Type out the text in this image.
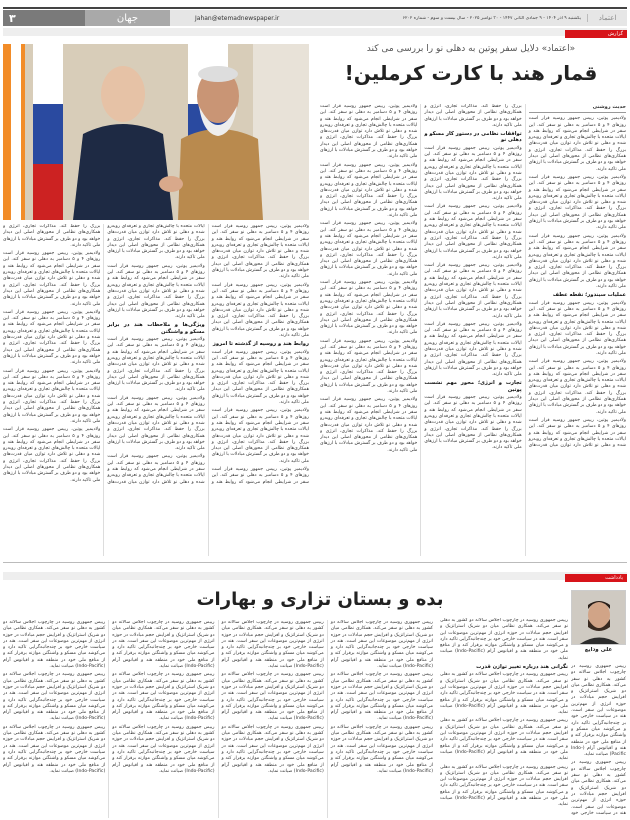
۳	جهان	Jahan@etemadnewspaper.ir	یکشنبه ۹ آذر ۱۴۰۴ - ۹ جمادی الثانی ۱۴۴۷ - ۳۰ نوامبر ۲۰۲۵ - سال بیست و سوم - شماره ۶۲۰۲	اعتماد
گزارش
«اعتماد» دلایل سفر پوتین به دهلی نو را بررسی می کند
قمار هند با کارت کرملین!
حدیث روشنی

ولادیمیر پوتین، رییس جمهور روسیه قرار است روزهای ۴ و ۵ دسامبر به دهلی نو سفر کند. این سفر در شرایطی انجام می‌شود که روابط هند و ایالات متحده با چالش‌های تجاری و تعرفه‌ای روبه‌رو شده و دهلی نو تلاش دارد توازن میان قدرت‌های بزرگ را حفظ کند. مذاکرات تجاری، انرژی و همکاری‌های نظامی از محورهای اصلی این دیدار خواهد بود و دو طرف بر گسترش مبادلات با ارزهای ملی تاکید دارند.

ولادیمیر پوتین، رییس جمهور روسیه قرار است روزهای ۴ و ۵ دسامبر به دهلی نو سفر کند. این سفر در شرایطی انجام می‌شود که روابط هند و ایالات متحده با چالش‌های تجاری و تعرفه‌ای روبه‌رو شده و دهلی نو تلاش دارد توازن میان قدرت‌های بزرگ را حفظ کند. مذاکرات تجاری، انرژی و همکاری‌های نظامی از محورهای اصلی این دیدار خواهد بود و دو طرف بر گسترش مبادلات با ارزهای ملی تاکید دارند.

ولادیمیر پوتین، رییس جمهور روسیه قرار است روزهای ۴ و ۵ دسامبر به دهلی نو سفر کند. این سفر در شرایطی انجام می‌شود که روابط هند و ایالات متحده با چالش‌های تجاری و تعرفه‌ای روبه‌رو شده و دهلی نو تلاش دارد توازن میان قدرت‌های بزرگ را حفظ کند. مذاکرات تجاری، انرژی و همکاری‌های نظامی از محورهای اصلی این دیدار خواهد بود و دو طرف بر گسترش مبادلات با ارزهای ملی تاکید دارند.

عملیات سیندور؛ نقطه عطف

ولادیمیر پوتین، رییس جمهور روسیه قرار است روزهای ۴ و ۵ دسامبر به دهلی نو سفر کند. این سفر در شرایطی انجام می‌شود که روابط هند و ایالات متحده با چالش‌های تجاری و تعرفه‌ای روبه‌رو شده و دهلی نو تلاش دارد توازن میان قدرت‌های بزرگ را حفظ کند. مذاکرات تجاری، انرژی و همکاری‌های نظامی از محورهای اصلی این دیدار خواهد بود و دو طرف بر گسترش مبادلات با ارزهای ملی تاکید دارند.

ولادیمیر پوتین، رییس جمهور روسیه قرار است روزهای ۴ و ۵ دسامبر به دهلی نو سفر کند. این سفر در شرایطی انجام می‌شود که روابط هند و ایالات متحده با چالش‌های تجاری و تعرفه‌ای روبه‌رو شده و دهلی نو تلاش دارد توازن میان قدرت‌های بزرگ را حفظ کند. مذاکرات تجاری، انرژی و همکاری‌های نظامی از محورهای اصلی این دیدار خواهد بود و دو طرف بر گسترش مبادلات با ارزهای ملی تاکید دارند.

ولادیمیر پوتین، رییس جمهور روسیه قرار است روزهای ۴ و ۵ دسامبر به دهلی نو سفر کند. این سفر در شرایطی انجام می‌شود که روابط هند و ایالات متحده با چالش‌های تجاری و تعرفه‌ای روبه‌رو شده و دهلی نو تلاش دارد توازن میان قدرت‌های بزرگ را حفظ کند. مذاکرات تجاری، انرژی و همکاری‌های نظامی از محورهای اصلی این دیدار خواهد بود و دو طرف بر گسترش مبادلات با ارزهای ملی تاکید دارند.

توافقات نظامی در دستور کار مسکو و دهلی نو

ولادیمیر پوتین، رییس جمهور روسیه قرار است روزهای ۴ و ۵ دسامبر به دهلی نو سفر کند. این سفر در شرایطی انجام می‌شود که روابط هند و ایالات متحده با چالش‌های تجاری و تعرفه‌ای روبه‌رو شده و دهلی نو تلاش دارد توازن میان قدرت‌های بزرگ را حفظ کند. مذاکرات تجاری، انرژی و همکاری‌های نظامی از محورهای اصلی این دیدار خواهد بود و دو طرف بر گسترش مبادلات با ارزهای ملی تاکید دارند.

ولادیمیر پوتین، رییس جمهور روسیه قرار است روزهای ۴ و ۵ دسامبر به دهلی نو سفر کند. این سفر در شرایطی انجام می‌شود که روابط هند و ایالات متحده با چالش‌های تجاری و تعرفه‌ای روبه‌رو شده و دهلی نو تلاش دارد توازن میان قدرت‌های بزرگ را حفظ کند. مذاکرات تجاری، انرژی و همکاری‌های نظامی از محورهای اصلی این دیدار خواهد بود و دو طرف بر گسترش مبادلات با ارزهای ملی تاکید دارند.

ولادیمیر پوتین، رییس جمهور روسیه قرار است روزهای ۴ و ۵ دسامبر به دهلی نو سفر کند. این سفر در شرایطی انجام می‌شود که روابط هند و ایالات متحده با چالش‌های تجاری و تعرفه‌ای روبه‌رو شده و دهلی نو تلاش دارد توازن میان قدرت‌های بزرگ را حفظ کند. مذاکرات تجاری، انرژی و همکاری‌های نظامی از محورهای اصلی این دیدار خواهد بود و دو طرف بر گسترش مبادلات با ارزهای ملی تاکید دارند.

ولادیمیر پوتین، رییس جمهور روسیه قرار است روزهای ۴ و ۵ دسامبر به دهلی نو سفر کند. این سفر در شرایطی انجام می‌شود که روابط هند و ایالات متحده با چالش‌های تجاری و تعرفه‌ای روبه‌رو شده و دهلی نو تلاش دارد توازن میان قدرت‌های بزرگ را حفظ کند. مذاکرات تجاری، انرژی و همکاری‌های نظامی از محورهای اصلی این دیدار خواهد بود و دو طرف بر گسترش مبادلات با ارزهای ملی تاکید دارند.

تجارت و انرژی؛ محور مهم نشست پوتین

ولادیمیر پوتین، رییس جمهور روسیه قرار است روزهای ۴ و ۵ دسامبر به دهلی نو سفر کند. این سفر در شرایطی انجام می‌شود که روابط هند و ایالات متحده با چالش‌های تجاری و تعرفه‌ای روبه‌رو شده و دهلی نو تلاش دارد توازن میان قدرت‌های بزرگ را حفظ کند. مذاکرات تجاری، انرژی و همکاری‌های نظامی از محورهای اصلی این دیدار خواهد بود و دو طرف بر گسترش مبادلات با ارزهای ملی تاکید دارند.

ولادیمیر پوتین، رییس جمهور روسیه قرار است روزهای ۴ و ۵ دسامبر به دهلی نو سفر کند. این سفر در شرایطی انجام می‌شود که روابط هند و ایالات متحده با چالش‌های تجاری و تعرفه‌ای روبه‌رو شده و دهلی نو تلاش دارد توازن میان قدرت‌های بزرگ را حفظ کند. مذاکرات تجاری، انرژی و همکاری‌های نظامی از محورهای اصلی این دیدار خواهد بود و دو طرف بر گسترش مبادلات با ارزهای ملی تاکید دارند.

ولادیمیر پوتین، رییس جمهور روسیه قرار است روزهای ۴ و ۵ دسامبر به دهلی نو سفر کند. این سفر در شرایطی انجام می‌شود که روابط هند و ایالات متحده با چالش‌های تجاری و تعرفه‌ای روبه‌رو شده و دهلی نو تلاش دارد توازن میان قدرت‌های بزرگ را حفظ کند. مذاکرات تجاری، انرژی و همکاری‌های نظامی از محورهای اصلی این دیدار خواهد بود و دو طرف بر گسترش مبادلات با ارزهای ملی تاکید دارند.

ولادیمیر پوتین، رییس جمهور روسیه قرار است روزهای ۴ و ۵ دسامبر به دهلی نو سفر کند. این سفر در شرایطی انجام می‌شود که روابط هند و ایالات متحده با چالش‌های تجاری و تعرفه‌ای روبه‌رو شده و دهلی نو تلاش دارد توازن میان قدرت‌های بزرگ را حفظ کند. مذاکرات تجاری، انرژی و همکاری‌های نظامی از محورهای اصلی این دیدار خواهد بود و دو طرف بر گسترش مبادلات با ارزهای ملی تاکید دارند.

ولادیمیر پوتین، رییس جمهور روسیه قرار است روزهای ۴ و ۵ دسامبر به دهلی نو سفر کند. این سفر در شرایطی انجام می‌شود که روابط هند و ایالات متحده با چالش‌های تجاری و تعرفه‌ای روبه‌رو شده و دهلی نو تلاش دارد توازن میان قدرت‌های بزرگ را حفظ کند. مذاکرات تجاری، انرژی و همکاری‌های نظامی از محورهای اصلی این دیدار خواهد بود و دو طرف بر گسترش مبادلات با ارزهای ملی تاکید دارند.

ولادیمیر پوتین، رییس جمهور روسیه قرار است روزهای ۴ و ۵ دسامبر به دهلی نو سفر کند. این سفر در شرایطی انجام می‌شود که روابط هند و ایالات متحده با چالش‌های تجاری و تعرفه‌ای روبه‌رو شده و دهلی نو تلاش دارد توازن میان قدرت‌های بزرگ را حفظ کند. مذاکرات تجاری، انرژی و همکاری‌های نظامی از محورهای اصلی این دیدار خواهد بود و دو طرف بر گسترش مبادلات با ارزهای ملی تاکید دارند.

ولادیمیر پوتین، رییس جمهور روسیه قرار است روزهای ۴ و ۵ دسامبر به دهلی نو سفر کند. این سفر در شرایطی انجام می‌شود که روابط هند و ایالات متحده با چالش‌های تجاری و تعرفه‌ای روبه‌رو شده و دهلی نو تلاش دارد توازن میان قدرت‌های بزرگ را حفظ کند. مذاکرات تجاری، انرژی و همکاری‌های نظامی از محورهای اصلی این دیدار خواهد بود و دو طرف بر گسترش مبادلات با ارزهای ملی تاکید دارند.

ولادیمیر پوتین، رییس جمهور روسیه قرار است روزهای ۴ و ۵ دسامبر به دهلی نو سفر کند. این سفر در شرایطی انجام می‌شود که روابط هند و ایالات متحده با چالش‌های تجاری و تعرفه‌ای روبه‌رو شده و دهلی نو تلاش دارد توازن میان قدرت‌های بزرگ را حفظ کند. مذاکرات تجاری، انرژی و همکاری‌های نظامی از محورهای اصلی این دیدار خواهد بود و دو طرف بر گسترش مبادلات با ارزهای ملی تاکید دارند.

ولادیمیر پوتین، رییس جمهور روسیه قرار است روزهای ۴ و ۵ دسامبر به دهلی نو سفر کند. این سفر در شرایطی انجام می‌شود که روابط هند و ایالات متحده با چالش‌های تجاری و تعرفه‌ای روبه‌رو شده و دهلی نو تلاش دارد توازن میان قدرت‌های بزرگ را حفظ کند. مذاکرات تجاری، انرژی و همکاری‌های نظامی از محورهای اصلی این دیدار خواهد بود و دو طرف بر گسترش مبادلات با ارزهای ملی تاکید دارند.

روابط هند و روسیه از گذشته تا امروز

ولادیمیر پوتین، رییس جمهور روسیه قرار است روزهای ۴ و ۵ دسامبر به دهلی نو سفر کند. این سفر در شرایطی انجام می‌شود که روابط هند و ایالات متحده با چالش‌های تجاری و تعرفه‌ای روبه‌رو شده و دهلی نو تلاش دارد توازن میان قدرت‌های بزرگ را حفظ کند. مذاکرات تجاری، انرژی و همکاری‌های نظامی از محورهای اصلی این دیدار خواهد بود و دو طرف بر گسترش مبادلات با ارزهای ملی تاکید دارند.

ولادیمیر پوتین، رییس جمهور روسیه قرار است روزهای ۴ و ۵ دسامبر به دهلی نو سفر کند. این سفر در شرایطی انجام می‌شود که روابط هند و ایالات متحده با چالش‌های تجاری و تعرفه‌ای روبه‌رو شده و دهلی نو تلاش دارد توازن میان قدرت‌های بزرگ را حفظ کند. مذاکرات تجاری، انرژی و همکاری‌های نظامی از محورهای اصلی این دیدار خواهد بود و دو طرف بر گسترش مبادلات با ارزهای ملی تاکید دارند.

ولادیمیر پوتین، رییس جمهور روسیه قرار است روزهای ۴ و ۵ دسامبر به دهلی نو سفر کند. این سفر در شرایطی انجام می‌شود که روابط هند و ایالات متحده با چالش‌های تجاری و تعرفه‌ای روبه‌رو شده و دهلی نو تلاش دارد توازن میان قدرت‌های بزرگ را حفظ کند. مذاکرات تجاری، انرژی و همکاری‌های نظامی از محورهای اصلی این دیدار خواهد بود و دو طرف بر گسترش مبادلات با ارزهای ملی تاکید دارند.

ولادیمیر پوتین، رییس جمهور روسیه قرار است روزهای ۴ و ۵ دسامبر به دهلی نو سفر کند. این سفر در شرایطی انجام می‌شود که روابط هند و ایالات متحده با چالش‌های تجاری و تعرفه‌ای روبه‌رو شده و دهلی نو تلاش دارد توازن میان قدرت‌های بزرگ را حفظ کند. مذاکرات تجاری، انرژی و همکاری‌های نظامی از محورهای اصلی این دیدار خواهد بود و دو طرف بر گسترش مبادلات با ارزهای ملی تاکید دارند.

ویژگی‌ها و ملاحظات هند در برابر مسکو و واشنگتن

ولادیمیر پوتین، رییس جمهور روسیه قرار است روزهای ۴ و ۵ دسامبر به دهلی نو سفر کند. این سفر در شرایطی انجام می‌شود که روابط هند و ایالات متحده با چالش‌های تجاری و تعرفه‌ای روبه‌رو شده و دهلی نو تلاش دارد توازن میان قدرت‌های بزرگ را حفظ کند. مذاکرات تجاری، انرژی و همکاری‌های نظامی از محورهای اصلی این دیدار خواهد بود و دو طرف بر گسترش مبادلات با ارزهای ملی تاکید دارند.

ولادیمیر پوتین، رییس جمهور روسیه قرار است روزهای ۴ و ۵ دسامبر به دهلی نو سفر کند. این سفر در شرایطی انجام می‌شود که روابط هند و ایالات متحده با چالش‌های تجاری و تعرفه‌ای روبه‌رو شده و دهلی نو تلاش دارد توازن میان قدرت‌های بزرگ را حفظ کند. مذاکرات تجاری، انرژی و همکاری‌های نظامی از محورهای اصلی این دیدار خواهد بود و دو طرف بر گسترش مبادلات با ارزهای ملی تاکید دارند.

ولادیمیر پوتین، رییس جمهور روسیه قرار است روزهای ۴ و ۵ دسامبر به دهلی نو سفر کند. این سفر در شرایطی انجام می‌شود که روابط هند و ایالات متحده با چالش‌های تجاری و تعرفه‌ای روبه‌رو شده و دهلی نو تلاش دارد توازن میان قدرت‌های بزرگ را حفظ کند. مذاکرات تجاری، انرژی و همکاری‌های نظامی از محورهای اصلی این دیدار خواهد بود و دو طرف بر گسترش مبادلات با ارزهای ملی تاکید دارند.

ولادیمیر پوتین، رییس جمهور روسیه قرار است روزهای ۴ و ۵ دسامبر به دهلی نو سفر کند. این سفر در شرایطی انجام می‌شود که روابط هند و ایالات متحده با چالش‌های تجاری و تعرفه‌ای روبه‌رو شده و دهلی نو تلاش دارد توازن میان قدرت‌های بزرگ را حفظ کند. مذاکرات تجاری، انرژی و همکاری‌های نظامی از محورهای اصلی این دیدار خواهد بود و دو طرف بر گسترش مبادلات با ارزهای ملی تاکید دارند.

ولادیمیر پوتین، رییس جمهور روسیه قرار است روزهای ۴ و ۵ دسامبر به دهلی نو سفر کند. این سفر در شرایطی انجام می‌شود که روابط هند و ایالات متحده با چالش‌های تجاری و تعرفه‌ای روبه‌رو شده و دهلی نو تلاش دارد توازن میان قدرت‌های بزرگ را حفظ کند. مذاکرات تجاری، انرژی و همکاری‌های نظامی از محورهای اصلی این دیدار خواهد بود و دو طرف بر گسترش مبادلات با ارزهای ملی تاکید دارند.

ولادیمیر پوتین، رییس جمهور روسیه قرار است روزهای ۴ و ۵ دسامبر به دهلی نو سفر کند. این سفر در شرایطی انجام می‌شود که روابط هند و ایالات متحده با چالش‌های تجاری و تعرفه‌ای روبه‌رو شده و دهلی نو تلاش دارد توازن میان قدرت‌های بزرگ را حفظ کند. مذاکرات تجاری، انرژی و همکاری‌های نظامی از محورهای اصلی این دیدار خواهد بود و دو طرف بر گسترش مبادلات با ارزهای ملی تاکید دارند.

ولادیمیر پوتین، رییس جمهور روسیه قرار است روزهای ۴ و ۵ دسامبر به دهلی نو سفر کند. این سفر در شرایطی انجام می‌شود که روابط هند و ایالات متحده با چالش‌های تجاری و تعرفه‌ای روبه‌رو شده و دهلی نو تلاش دارد توازن میان قدرت‌های بزرگ را حفظ کند. مذاکرات تجاری، انرژی و همکاری‌های نظامی از محورهای اصلی این دیدار خواهد بود و دو طرف بر گسترش مبادلات با ارزهای ملی تاکید دارند.

یادداشت
علی ودایع
بده و بستان تزاری و بهارات

رییس جمهوری روسیه در چارچوب اجلاس سالانه دو کشور به دهلی نو سفر می‌کند. همکاری نظامی میان دو شریک استراتژیک و افزایش حجم مبادلات در حوزه انرژی از مهم‌ترین موضوعات این سفر است. هند در سیاست خارجی خود بر چندجانبه‌گرایی تاکید دارد و می‌کوشد میان مسکو و واشنگتن موازنه برقرار کند و از منافع ملی خود در منطقه هند و اقیانوس آرام (Indo-Pacific) صیانت نماید.

نگرانی هند درباره تغییر توازن قدرت

رییس جمهوری روسیه در چارچوب اجلاس سالانه دو کشور به دهلی نو سفر می‌کند. همکاری نظامی میان دو شریک استراتژیک و افزایش حجم مبادلات در حوزه انرژی از مهم‌ترین موضوعات این سفر است. هند در سیاست خارجی خود بر چندجانبه‌گرایی تاکید دارد و می‌کوشد میان مسکو و واشنگتن موازنه برقرار کند و از منافع ملی خود در منطقه هند و اقیانوس آرام (Indo-Pacific) صیانت نماید.

رییس جمهوری روسیه در چارچوب اجلاس سالانه دو کشور به دهلی نو سفر می‌کند. همکاری نظامی میان دو شریک استراتژیک و افزایش حجم مبادلات در حوزه انرژی از مهم‌ترین موضوعات این سفر است. هند در سیاست خارجی خود بر چندجانبه‌گرایی تاکید دارد و می‌کوشد میان مسکو و واشنگتن موازنه برقرار کند و از منافع ملی خود در منطقه هند و اقیانوس آرام (Indo-Pacific) صیانت نماید.

رییس جمهوری روسیه در چارچوب اجلاس سالانه دو کشور به دهلی نو سفر می‌کند. همکاری نظامی میان دو شریک استراتژیک و افزایش حجم مبادلات در حوزه انرژی از مهم‌ترین موضوعات این سفر است. هند در سیاست خارجی خود بر چندجانبه‌گرایی تاکید دارد و می‌کوشد میان مسکو و واشنگتن موازنه برقرار کند و از منافع ملی خود در منطقه هند و اقیانوس آرام (Indo-Pacific) صیانت نماید.

رییس جمهوری روسیه در چارچوب اجلاس سالانه دو کشور به دهلی نو سفر می‌کند. همکاری نظامی میان دو شریک استراتژیک و افزایش حجم مبادلات در حوزه انرژی از مهم‌ترین موضوعات این سفر است. هند در سیاست خارجی خود بر چندجانبه‌گرایی تاکید دارد و می‌کوشد میان مسکو و واشنگتن موازنه برقرار کند و از منافع ملی خود در منطقه هند و اقیانوس آرام (Indo-Pacific) صیانت نماید.

رییس جمهوری روسیه در چارچوب اجلاس سالانه دو کشور به دهلی نو سفر می‌کند. همکاری نظامی میان دو شریک استراتژیک و افزایش حجم مبادلات در حوزه انرژی از مهم‌ترین موضوعات این سفر است. هند در سیاست خارجی خود

رییس جمهوری روسیه در چارچوب اجلاس سالانه دو کشور به دهلی نو سفر می‌کند. همکاری نظامی میان دو شریک استراتژیک و افزایش حجم مبادلات در حوزه انرژی از مهم‌ترین موضوعات این سفر است. هند در سیاست خارجی خود بر چندجانبه‌گرایی تاکید دارد و می‌کوشد میان مسکو و واشنگتن موازنه برقرار کند و از منافع ملی خود در منطقه هند و اقیانوس آرام (Indo-Pacific) صیانت نماید.

رییس جمهوری روسیه در چارچوب اجلاس سالانه دو کشور به دهلی نو سفر می‌کند. همکاری نظامی میان دو شریک استراتژیک و افزایش حجم مبادلات در حوزه انرژی از مهم‌ترین موضوعات این سفر است. هند در سیاست خارجی خود بر چندجانبه‌گرایی تاکید دارد و می‌کوشد میان مسکو و واشنگتن موازنه برقرار کند و از منافع ملی خود در منطقه هند و اقیانوس آرام (Indo-Pacific) صیانت نماید.

رییس جمهوری روسیه در چارچوب اجلاس سالانه دو کشور به دهلی نو سفر می‌کند. همکاری نظامی میان دو شریک استراتژیک و افزایش حجم مبادلات در حوزه انرژی از مهم‌ترین موضوعات این سفر است. هند در سیاست خارجی خود بر چندجانبه‌گرایی تاکید دارد و می‌کوشد میان مسکو و واشنگتن موازنه برقرار کند و از منافع ملی خود در منطقه هند و اقیانوس آرام (Indo-Pacific) صیانت نماید.

رییس جمهوری روسیه در چارچوب اجلاس سالانه دو کشور به دهلی نو سفر می‌کند. همکاری نظامی میان دو شریک استراتژیک و افزایش حجم مبادلات در حوزه انرژی از مهم‌ترین موضوعات این سفر است. هند در سیاست خارجی خود بر چندجانبه‌گرایی تاکید دارد و می‌کوشد میان مسکو و واشنگتن موازنه برقرار کند و از منافع ملی خود در منطقه هند و اقیانوس آرام (Indo-Pacific) صیانت نماید.

رییس جمهوری روسیه در چارچوب اجلاس سالانه دو کشور به دهلی نو سفر می‌کند. همکاری نظامی میان دو شریک استراتژیک و افزایش حجم مبادلات در حوزه انرژی از مهم‌ترین موضوعات این سفر است. هند در سیاست خارجی خود بر چندجانبه‌گرایی تاکید دارد و می‌کوشد میان مسکو و واشنگتن موازنه برقرار کند و از منافع ملی خود در منطقه هند و اقیانوس آرام (Indo-Pacific) صیانت نماید.

رییس جمهوری روسیه در چارچوب اجلاس سالانه دو کشور به دهلی نو سفر می‌کند. همکاری نظامی میان دو شریک استراتژیک و افزایش حجم مبادلات در حوزه انرژی از مهم‌ترین موضوعات این سفر است. هند در سیاست خارجی خود بر چندجانبه‌گرایی تاکید دارد و می‌کوشد میان مسکو و واشنگتن موازنه برقرار کند و از منافع ملی خود در منطقه هند و اقیانوس آرام (Indo-Pacific) صیانت نماید.

رییس جمهوری روسیه در چارچوب اجلاس سالانه دو کشور به دهلی نو سفر می‌کند. همکاری نظامی میان دو شریک استراتژیک و افزایش حجم مبادلات در حوزه انرژی از مهم‌ترین موضوعات این سفر است. هند در سیاست خارجی خود بر چندجانبه‌گرایی تاکید دارد و می‌کوشد میان مسکو و واشنگتن موازنه برقرار کند و از منافع ملی خود در منطقه هند و اقیانوس آرام (Indo-Pacific) صیانت نماید.

رییس جمهوری روسیه در چارچوب اجلاس سالانه دو کشور به دهلی نو سفر می‌کند. همکاری نظامی میان دو شریک استراتژیک و افزایش حجم مبادلات در حوزه انرژی از مهم‌ترین موضوعات این سفر است. هند در سیاست خارجی خود بر چندجانبه‌گرایی تاکید دارد و می‌کوشد میان مسکو و واشنگتن موازنه برقرار کند و از منافع ملی خود در منطقه هند و اقیانوس آرام (Indo-Pacific) صیانت نماید.

رییس جمهوری روسیه در چارچوب اجلاس سالانه دو کشور به دهلی نو سفر می‌کند. همکاری نظامی میان دو شریک استراتژیک و افزایش حجم مبادلات در حوزه انرژی از مهم‌ترین موضوعات این سفر است. هند در سیاست خارجی خود بر چندجانبه‌گرایی تاکید دارد و می‌کوشد میان مسکو و واشنگتن موازنه برقرار کند و از منافع ملی خود در منطقه هند و اقیانوس آرام (Indo-Pacific) صیانت نماید.

رییس جمهوری روسیه در چارچوب اجلاس سالانه دو کشور به دهلی نو سفر می‌کند. همکاری نظامی میان دو شریک استراتژیک و افزایش حجم مبادلات در حوزه انرژی از مهم‌ترین موضوعات این سفر است. هند در سیاست خارجی خود بر چندجانبه‌گرایی تاکید دارد و می‌کوشد میان مسکو و واشنگتن موازنه برقرار کند و از منافع ملی خود در منطقه هند و اقیانوس آرام (Indo-Pacific) صیانت نماید.

رییس جمهوری روسیه در چارچوب اجلاس سالانه دو کشور به دهلی نو سفر می‌کند. همکاری نظامی میان دو شریک استراتژیک و افزایش حجم مبادلات در حوزه انرژی از مهم‌ترین موضوعات این سفر است. هند در سیاست خارجی خود بر چندجانبه‌گرایی تاکید دارد و می‌کوشد میان مسکو و واشنگتن موازنه برقرار کند و از منافع ملی خود در منطقه هند و اقیانوس آرام (Indo-Pacific) صیانت نماید.

رییس جمهوری روسیه در چارچوب اجلاس سالانه دو کشور به دهلی نو سفر می‌کند. همکاری نظامی میان دو شریک استراتژیک و افزایش حجم مبادلات در حوزه انرژی از مهم‌ترین موضوعات این سفر است. هند در سیاست خارجی خود بر چندجانبه‌گرایی تاکید دارد و می‌کوشد میان مسکو و واشنگتن موازنه برقرار کند و از منافع ملی خود در منطقه هند و اقیانوس آرام (Indo-Pacific) صیانت نماید.
